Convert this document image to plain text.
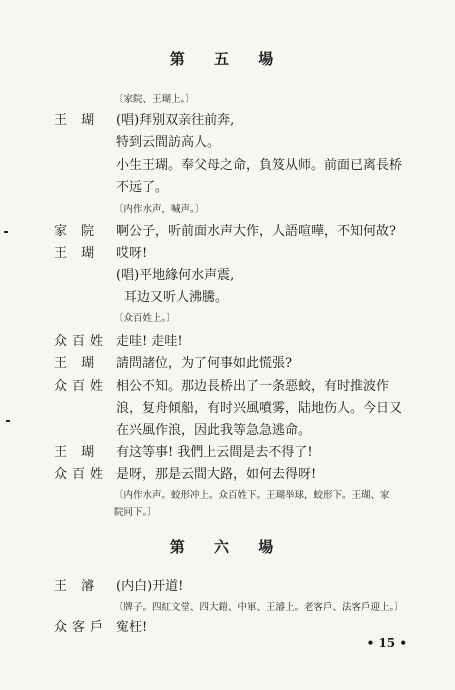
第 五 場
〔家院、王瑚上。〕
王 瑚 (唱)拜别双亲往前奔,
特到云間訪高人。
小生王瑚。奉父母之命，負笈从师。前面已离長桥
不远了。
〔内作水声，喊声。〕
家 院 啊公子，听前面水声大作，人語喧嘩，不知何故?
王 瑚 哎呀!
(唱)平地緣何水声震,
耳边又听人沸騰。
〔众百姓上。〕
众百姓 走哇! 走哇!
王 瑚 請問諸位，为了何事如此慌張?
众百姓 相公不知。那边長桥出了一条惡蛟，有时推波作
浪，复舟傾船，有时兴風噴雾，陆地伤人。今日又
在兴風作浪，因此我等急急逃命。
王 瑚 有这等事! 我們上云間是去不得了!
众百姓 是呀，那是云間大路，如何去得呀!
〔内作水声。蛟形冲上。众百姓下。王瑚举球，蛟形下。王瑚、家
院同下。〕
第 六 場
王 濬 (内白)开道!
〔牌子。四紅文堂、四大鎧、中軍、王濬上。老客戶、法客戶迎上。〕
众客戶 寃枉!
• 15 •
